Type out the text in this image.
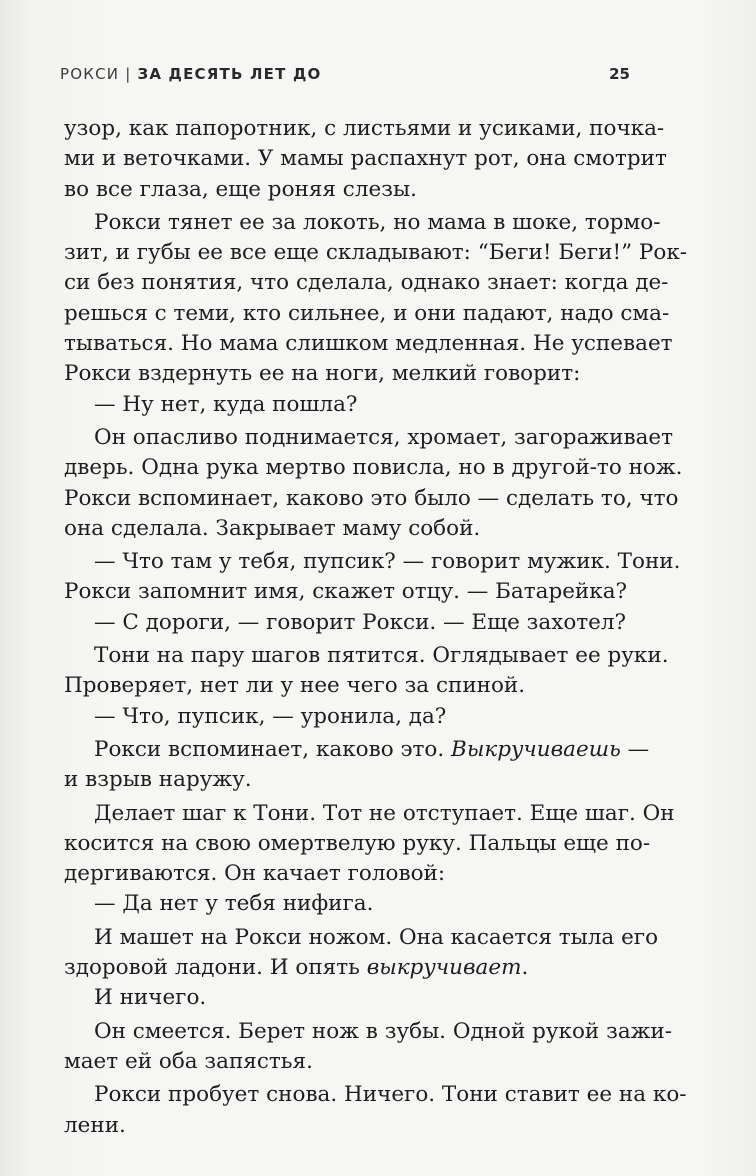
РОКСИ | ЗА ДЕСЯТЬ ЛЕТ ДО	25
узор, как папоротник, с листьями и усиками, почка-
ми и веточками. У мамы распахнут рот, она смотрит
во все глаза, еще роняя слезы.
Рокси тянет ее за локоть, но мама в шоке, тормо-
зит, и губы ее все еще складывают: “Беги! Беги!” Рок-
си без понятия, что сделала, однако знает: когда де-
решься с теми, кто сильнее, и они падают, надо сма-
тываться. Но мама слишком медленная. Не успевает
Рокси вздернуть ее на ноги, мелкий говорит:
— Ну нет, куда пошла?
Он опасливо поднимается, хромает, загораживает
дверь. Одна рука мертво повисла, но в другой-то нож.
Рокси вспоминает, каково это было — сделать то, что
она сделала. Закрывает маму собой.
— Что там у тебя, пупсик? — говорит мужик. Тони.
Рокси запомнит имя, скажет отцу. — Батарейка?
— С дороги, — говорит Рокси. — Еще захотел?
Тони на пару шагов пятится. Оглядывает ее руки.
Проверяет, нет ли у нее чего за спиной.
— Что, пупсик, — уронила, да?
Рокси вспоминает, каково это. Выкручиваешь —
и взрыв наружу.
Делает шаг к Тони. Тот не отступает. Еще шаг. Он
косится на свою омертвелую руку. Пальцы еще по-
дергиваются. Он качает головой:
— Да нет у тебя нифига.
И машет на Рокси ножом. Она касается тыла его
здоровой ладони. И опять выкручивает.
И ничего.
Он смеется. Берет нож в зубы. Одной рукой зажи-
мает ей оба запястья.
Рокси пробует снова. Ничего. Тони ставит ее на ко-
лени.
